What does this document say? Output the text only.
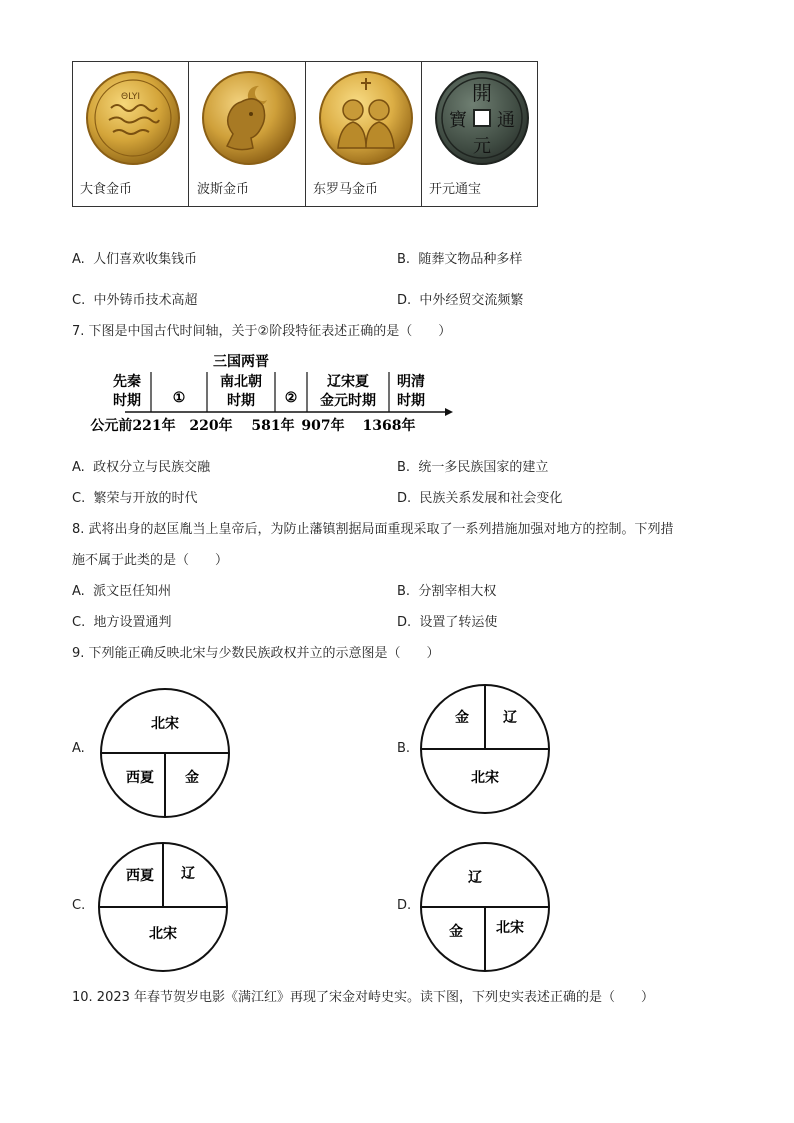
ΘLYI	開
通
元
寶
大食金币	波斯金币	东罗马金币	开元通宝
A. 人们喜欢收集钱币	B. 随葬文物品种多样
C. 中外铸币技术高超	D. 中外经贸交流频繁
7. 下图是中国古代时间轴，关于②阶段特征表述正确的是（　　）
先秦
时期 ①
三国两晋
南北朝
时期 ②
辽宋夏
金元时期
明清
时期
公元前221年 220年 581年 907年 1368年
A. 政权分立与民族交融	B. 统一多民族国家的建立
C. 繁荣与开放的时代	D. 民族关系发展和社会变化
8. 武将出身的赵匡胤当上皇帝后，为防止藩镇割据局面重现采取了一系列措施加强对地方的控制。下列措
施不属于此类的是（　　）
A. 派文臣任知州	B. 分割宰相大权
C. 地方设置通判	D. 设置了转运使
9. 下列能正确反映北宋与少数民族政权并立的示意图是（　　）
A.
北宋
西夏 金
B.
金 辽
北宋
C.
西夏 辽
北宋
D.
辽
金 北宋
10. 2023 年春节贺岁电影《满江红》再现了宋金对峙史实。读下图，下列史实表述正确的是（　　）
